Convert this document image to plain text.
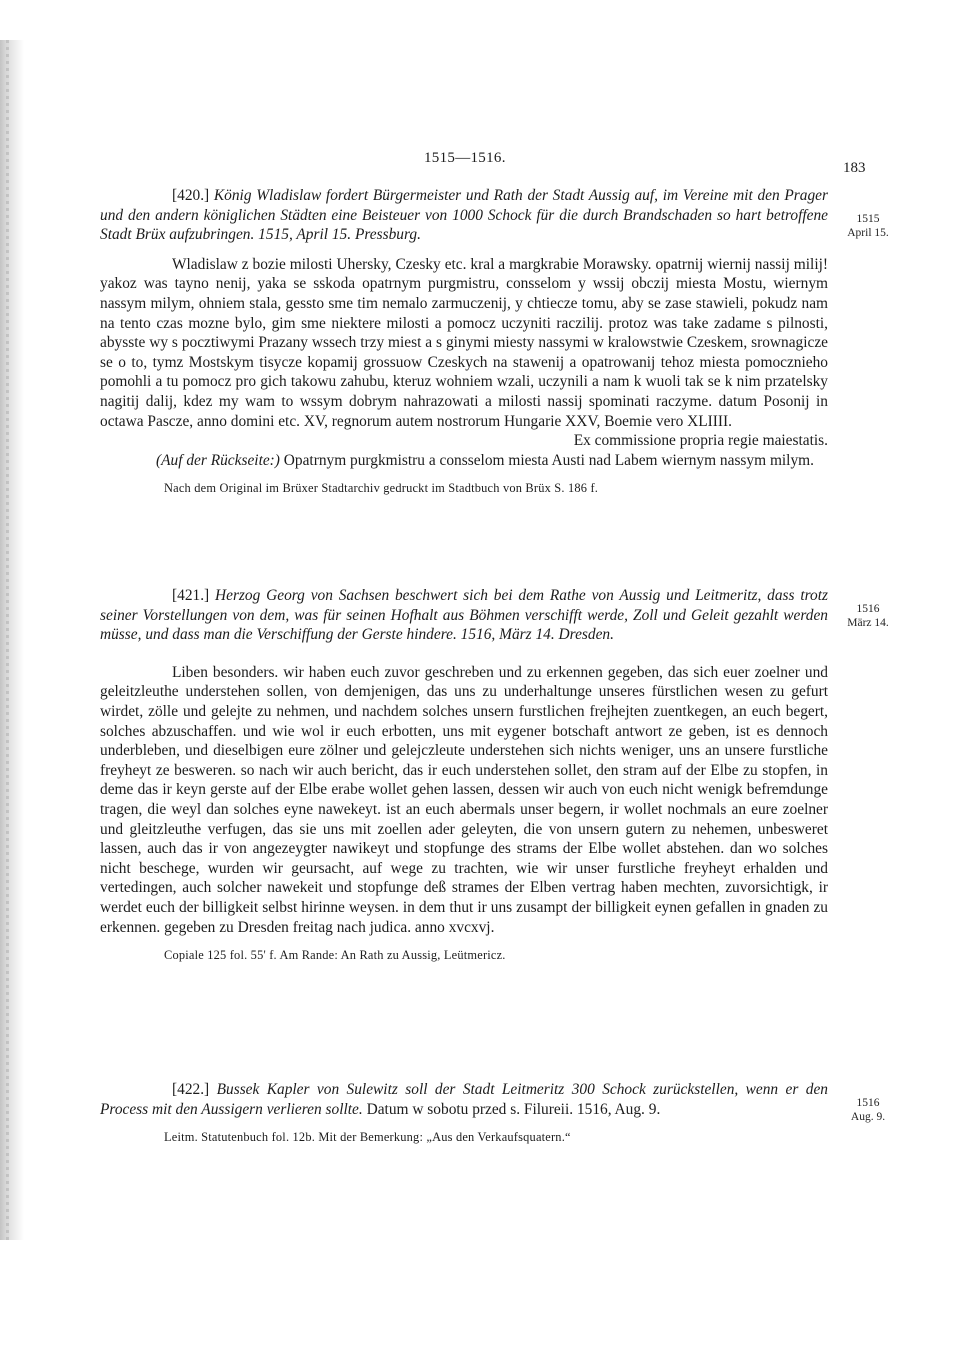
1515—1516.
183

[420.] König Wladislaw fordert Bürgermeister und Rath der Stadt Aussig auf, im Vereine mit den Prager und den andern königlichen Städten eine Beisteuer von 1000 Schock für die durch Brandschaden so hart betroffene Stadt Brüx aufzubringen. 1515, April 15. Pressburg.

Wladislaw z bozie milosti Uhersky, Czesky etc. kral a margkrabie Morawsky. opatrnij wiernij nassij milij! yakoz was tayno nenij, yaka se sskoda opatrnym purgmistru, consselom y wssij obczij miesta Mostu, wiernym nassym milym, ohniem stala, gessto sme tim nemalo zarmuczenij, y chtiecze tomu, aby se zase stawieli, pokudz nam na tento czas mozne bylo, gim sme niektere milosti a pomocz uczyniti raczilij. protoz was take zadame s pilnosti, abysste wy s pocztiwymi Prazany wssech trzy miest a s ginymi miesty nassymi w kralowstwie Czeskem, srownagicze se o to, tymz Mostskym tisycze kopamij grossuow Czeskych na stawenij a opatrowanij tehoz miesta pomocznieho pomohli a tu pomocz pro gich takowu zahubu, kteruz wohniem wzali, uczynili a nam k wuoli tak se k nim przatelsky nagitij dalij, kdez my wam to wssym dobrym nahrazowati a milosti nassij spominati raczyme. datum Posonij in octawa Pascze, anno domini etc. XV, regnorum autem nostrorum Hungarie XXV, Boemie vero XLIIII.

Ex commissione propria regie maiestatis.

(Auf der Rückseite:) Opatrnym purgkmistru a consselom miesta Austi nad Labem wiernym nassym milym.

Nach dem Original im Brüxer Stadtarchiv gedruckt im Stadtbuch von Brüx S. 186 f.

1515
April 15.

[421.] Herzog Georg von Sachsen beschwert sich bei dem Rathe von Aussig und Leitmeritz, dass trotz seiner Vorstellungen von dem, was für seinen Hofhalt aus Böhmen verschifft werde, Zoll und Geleit gezahlt werden müsse, und dass man die Verschiffung der Gerste hindere. 1516, März 14. Dresden.

Liben besonders. wir haben euch zuvor geschreben und zu erkennen gegeben, das sich euer zoelner und geleitzleuthe understehen sollen, von demjenigen, das uns zu underhaltunge unseres fürstlichen wesen zu gefurt wirdet, zölle und gelejte zu nehmen, und nachdem solches unsern furstlichen frejhejten zuentkegen, an euch begert, solches abzuschaffen. und wie wol ir euch erbotten, uns mit eygener botschaft antwort ze geben, ist es dennoch underbleben, und dieselbigen eure zölner und gelejczleute understehen sich nichts weniger, uns an unsere furstliche freyheyt ze besweren. so nach wir auch bericht, das ir euch understehen sollet, den stram auf der Elbe zu stopfen, in deme das ir keyn gerste auf der Elbe erabe wollet gehen lassen, dessen wir auch von euch nicht wenigk befremdunge tragen, die weyl dan solches eyne nawekeyt. ist an euch abermals unser begern, ir wollet nochmals an eure zoelner und gleitzleuthe verfugen, das sie uns mit zoellen ader geleyten, die von unsern gutern zu nehemen, unbesweret lassen, auch das ir von angezeygter nawikeyt und stopfunge des strams der Elbe wollet abstehen. dan wo solches nicht beschege, wurden wir geursacht, auf wege zu trachten, wie wir unser furstliche freyheyt erhalden und vertedingen, auch solcher nawekeit und stopfunge deß strames der Elben vertrag haben mechten, zuvorsichtigk, ir werdet euch der billigkeit selbst hirinne weysen. in dem thut ir uns zusampt der billigkeit eynen gefallen in gnaden zu erkennen. gegeben zu Dresden freitag nach judica. anno xvcxvj.

Copiale 125 fol. 55' f. Am Rande: An Rath zu Aussig, Leütmericz.

1516
März 14.

[422.] Bussek Kapler von Sulewitz soll der Stadt Leitmeritz 300 Schock zurückstellen, wenn er den Process mit den Aussigern verlieren sollte. Datum w sobotu przed s. Filureii. 1516, Aug. 9.

Leitm. Statutenbuch fol. 12b. Mit der Bemerkung: „Aus den Verkaufsquatern.“

1516
Aug. 9.
